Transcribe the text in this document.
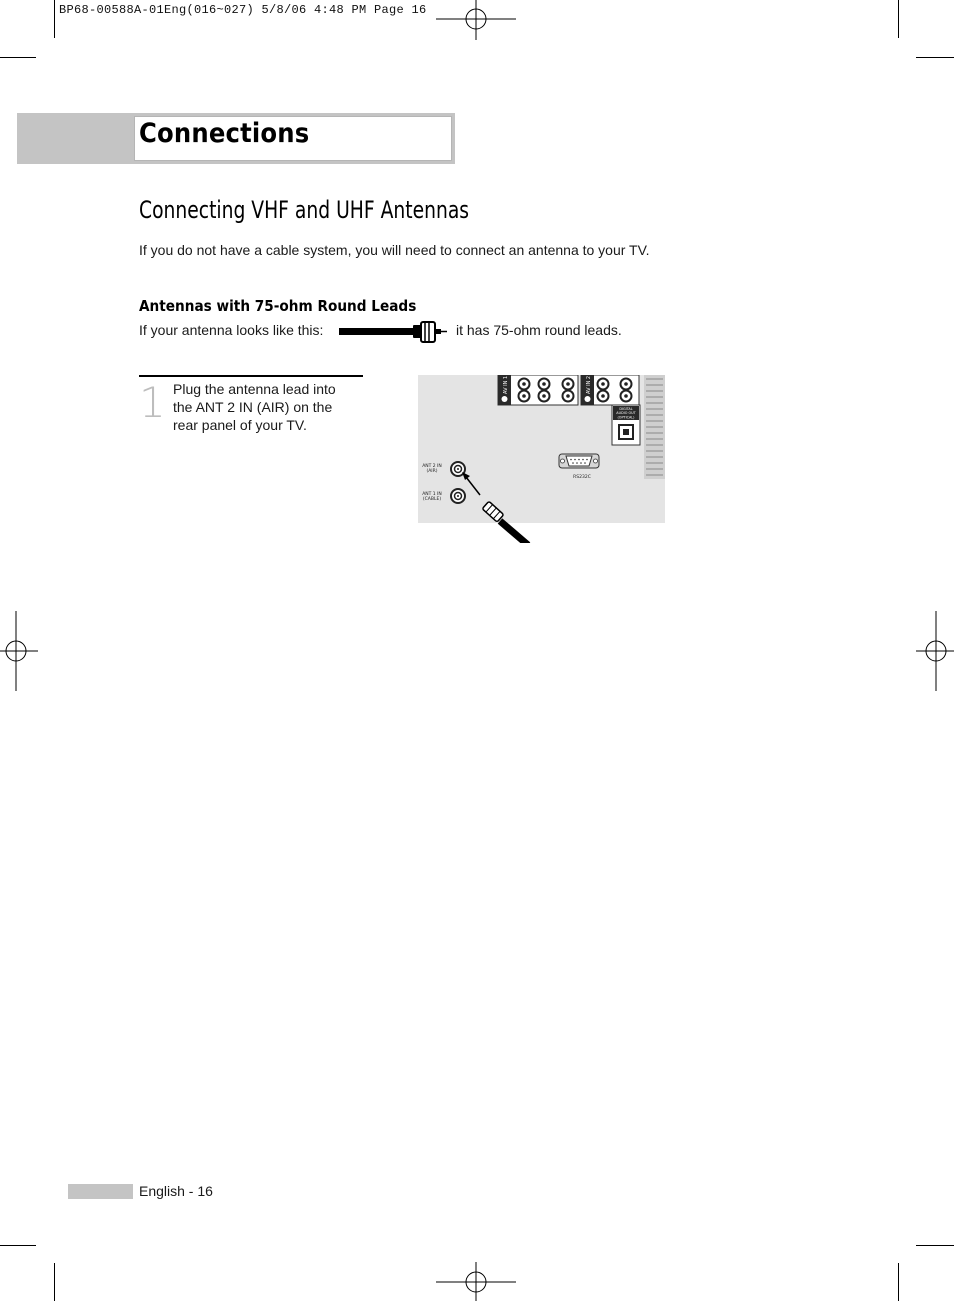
BP68-00588A-01Eng(016~027) 5/8/06 4:48 PM Page 16
Connections
Connecting VHF and UHF Antennas
If you do not have a cable system, you will need to connect an antenna to your TV.
Antennas with 75-ohm Round Leads
If your antenna looks like this:	it has 75-ohm round leads.
1 Plug the antenna lead into the ANT 2 IN (AIR) on the rear panel of your TV.
AV IN 1	AV IN 2
DIGITAL
AUDIO OUT
(OPTICAL)
RS232C
ANT 2 IN
(AIR)
ANT 1 IN
(CABLE)
English - 16
